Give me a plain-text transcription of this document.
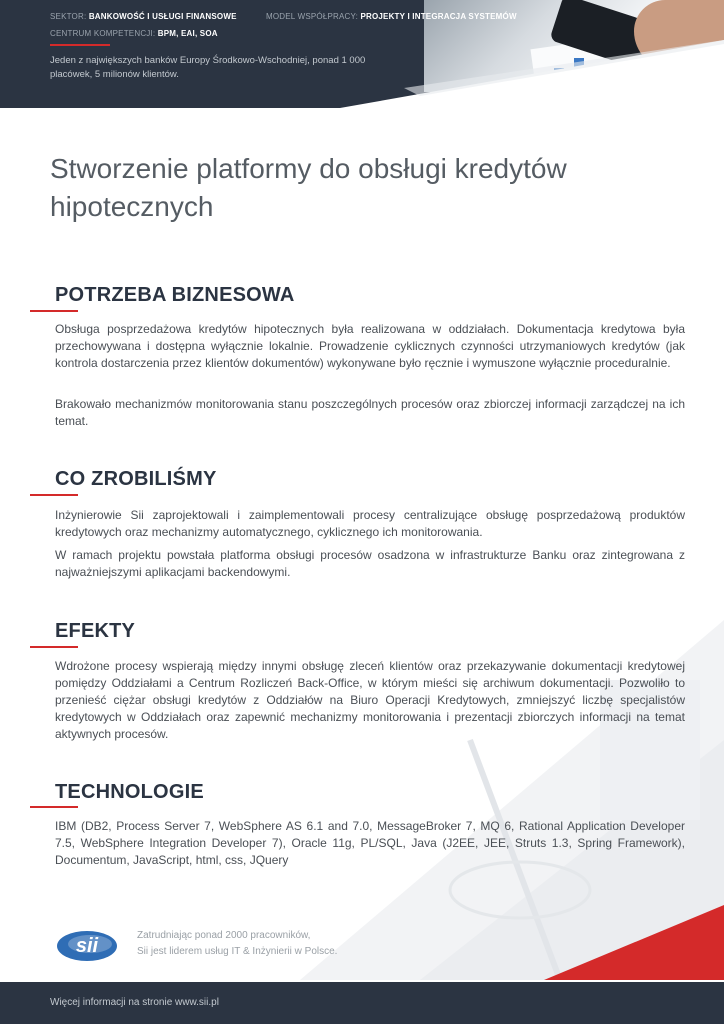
SEKTOR: BANKOWOŚĆ I USŁUGI FINANSOWE	MODEL WSPÓŁPRACY: PROJEKTY I INTEGRACJA SYSTEMÓW
CENTRUM KOMPETENCJI: BPM, EAI, SOA
Jeden z największych banków Europy Środkowo-Wschodniej, ponad 1 000 placówek, 5 milionów klientów.
Stworzenie platformy do obsługi kredytów hipotecznych
POTRZEBA BIZNESOWA

Obsługa posprzedażowa kredytów hipotecznych była realizowana w oddziałach. Dokumentacja kredytowa była przechowywana i dostępna wyłącznie lokalnie. Prowadzenie cyklicznych czynności utrzymaniowych kredytów (jak kontrola dostarczenia przez klientów dokumentów) wykonywane było ręcznie i wymuszone wyłącznie proceduralnie.

Brakowało mechanizmów monitorowania stanu poszczególnych procesów oraz zbiorczej informacji zarządczej na ich temat.

CO ZROBILIŚMY

Inżynierowie Sii zaprojektowali i zaimplementowali procesy centralizujące obsługę posprzedażową produktów kredytowych oraz mechanizmy automatycznego, cyklicznego ich monitorowania.

W ramach projektu powstała platforma obsługi procesów osadzona w infrastrukturze Banku oraz zintegrowana z najważniejszymi aplikacjami backendowymi.

EFEKTY

Wdrożone procesy wspierają między innymi obsługę zleceń klientów oraz przekazywanie dokumentacji kredytowej pomiędzy Oddziałami a Centrum Rozliczeń Back-Office, w którym mieści się archiwum dokumentacji. Pozwoliło to przenieść ciężar obsługi kredytów z Oddziałów na Biuro Operacji Kredytowych, zmniejszyć liczbę specjalistów kredytowych w Oddziałach oraz zapewnić mechanizmy monitorowania i prezentacji zbiorczych informacji na temat aktywnych procesów.

TECHNOLOGIE

IBM (DB2, Process Server 7, WebSphere AS 6.1 and 7.0, MessageBroker 7, MQ 6, Rational Application Developer 7.5, WebSphere Integration Developer 7), Oracle 11g, PL/SQL, Java (J2EE, JEE, Struts 1.3, Spring Framework), Documentum, JavaScript, html, css, JQuery

sii	Zatrudniając ponad 2000 pracowników,
Sii jest liderem usług IT & Inżynierii w Polsce.
Więcej informacji na stronie www.sii.pl
